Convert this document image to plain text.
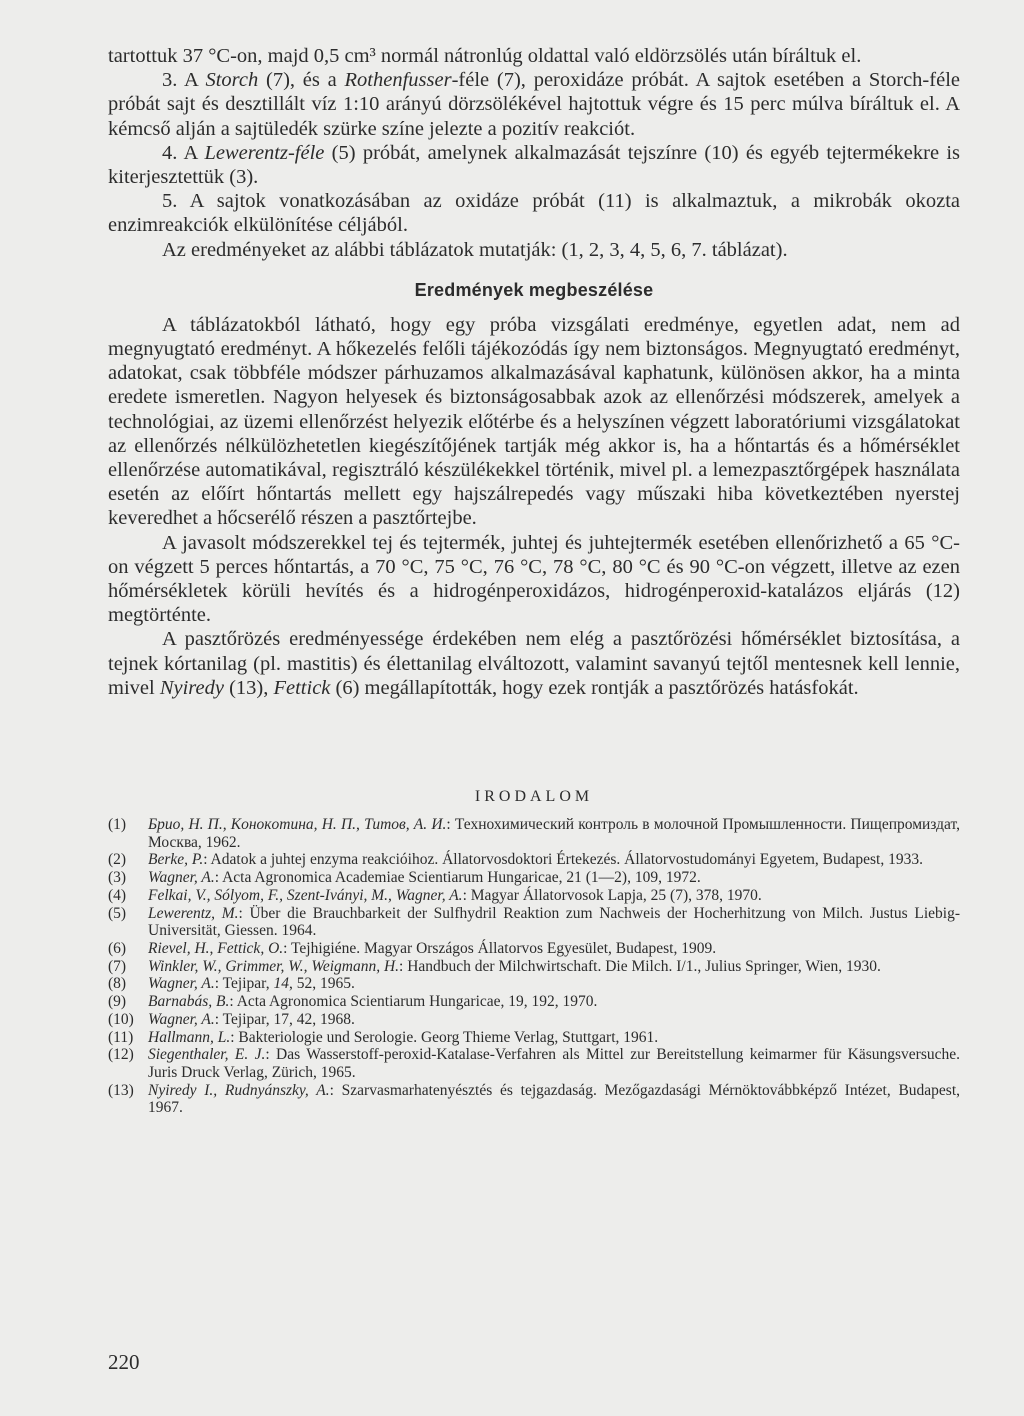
tartottuk 37 °C-on, majd 0,5 cm³ normál nátronlúg oldattal való eldörzsölés után bíráltuk el.

3. A Storch (7), és a Rothenfusser-féle (7), peroxidáze próbát. A sajtok esetében a Storch-féle próbát sajt és desztillált víz 1:10 arányú dörzsölékével hajtottuk végre és 15 perc múlva bíráltuk el. A kémcső alján a sajtüledék szürke színe jelezte a pozitív reakciót.

4. A Lewerentz-féle (5) próbát, amelynek alkalmazását tejszínre (10) és egyéb tejtermékekre is kiterjesztettük (3).

5. A sajtok vonatkozásában az oxidáze próbát (11) is alkalmaztuk, a mikrobák okozta enzimreakciók elkülönítése céljából.

Az eredményeket az alábbi táblázatok mutatják: (1, 2, 3, 4, 5, 6, 7. táblázat).

Eredmények megbeszélése

A táblázatokból látható, hogy egy próba vizsgálati eredménye, egyetlen adat, nem ad megnyugtató eredményt. A hőkezelés felőli tájékozódás így nem biztonságos. Megnyugtató eredményt, adatokat, csak többféle módszer párhuzamos alkalmazásával kaphatunk, különösen akkor, ha a minta eredete ismeretlen. Nagyon helyesek és biztonságosabbak azok az ellenőrzési módszerek, amelyek a technológiai, az üzemi ellenőrzést helyezik előtérbe és a helyszínen végzett laboratóriumi vizsgálatokat az ellenőrzés nélkülözhetetlen kiegészítőjének tartják még akkor is, ha a hőntartás és a hőmérséklet ellenőrzése automatikával, regisztráló készülékekkel történik, mivel pl. a lemezpasztőrgépek használata esetén az előírt hőntartás mellett egy hajszálrepedés vagy műszaki hiba következtében nyerstej keveredhet a hőcserélő részen a pasztőrtejbe.

A javasolt módszerekkel tej és tejtermék, juhtej és juhtejtermék esetében ellenőrizhető a 65 °C-on végzett 5 perces hőntartás, a 70 °C, 75 °C, 76 °C, 78 °C, 80 °C és 90 °C-on végzett, illetve az ezen hőmérsékletek körüli hevítés és a hidrogénperoxidázos, hidrogénperoxid-katalázos eljárás (12) megtörténte.

A pasztőrözés eredményessége érdekében nem elég a pasztőrözési hőmérséklet biztosítása, a tejnek kórtanilag (pl. mastitis) és élettanilag elváltozott, valamint savanyú tejtől mentesnek kell lennie, mivel Nyiredy (13), Fettick (6) megállapították, hogy ezek rontják a pasztőrözés hatásfokát.

IRODALOM
(1)	Бриo, Н. П., Кoнoкoтинa, Н. П., Титoв, А. И.: Технохимический контроль в молочной Промышленности. Пищепромиздат, Москва, 1962.
(2)	Berke, P.: Adatok a juhtej enzyma reakcióihoz. Állatorvosdoktori Értekezés. Állatorvostudományi Egyetem, Budapest, 1933.
(3)	Wagner, A.: Acta Agronomica Academiae Scientiarum Hungaricae, 21 (1—2), 109, 1972.
(4)	Felkai, V., Sólyom, F., Szent-Iványi, M., Wagner, A.: Magyar Állatorvosok Lapja, 25 (7), 378, 1970.
(5)	Lewerentz, M.: Über die Brauchbarkeit der Sulfhydril Reaktion zum Nachweis der Hocherhitzung von Milch. Justus Liebig-Universität, Giessen. 1964.
(6)	Rievel, H., Fettick, O.: Tejhigiéne. Magyar Országos Állatorvos Egyesület, Budapest, 1909.
(7)	Winkler, W., Grimmer, W., Weigmann, H.: Handbuch der Milchwirtschaft. Die Milch. I/1., Julius Springer, Wien, 1930.
(8)	Wagner, A.: Tejipar, 14, 52, 1965.
(9)	Barnabás, B.: Acta Agronomica Scientiarum Hungaricae, 19, 192, 1970.
(10) Wagner, A.: Tejipar, 17, 42, 1968.
(11) Hallmann, L.: Bakteriologie und Serologie. Georg Thieme Verlag, Stuttgart, 1961.
(12) Siegenthaler, E. J.: Das Wasserstoff-peroxid-Katalase-Verfahren als Mittel zur Bereitstellung keimarmer für Käsungsversuche. Juris Druck Verlag, Zürich, 1965.
(13) Nyiredy I., Rudnyánszky, A.: Szarvasmarhatenyésztés és tejgazdaság. Mezőgazdasági Mérnöktovábbképző Intézet, Budapest, 1967.
220
